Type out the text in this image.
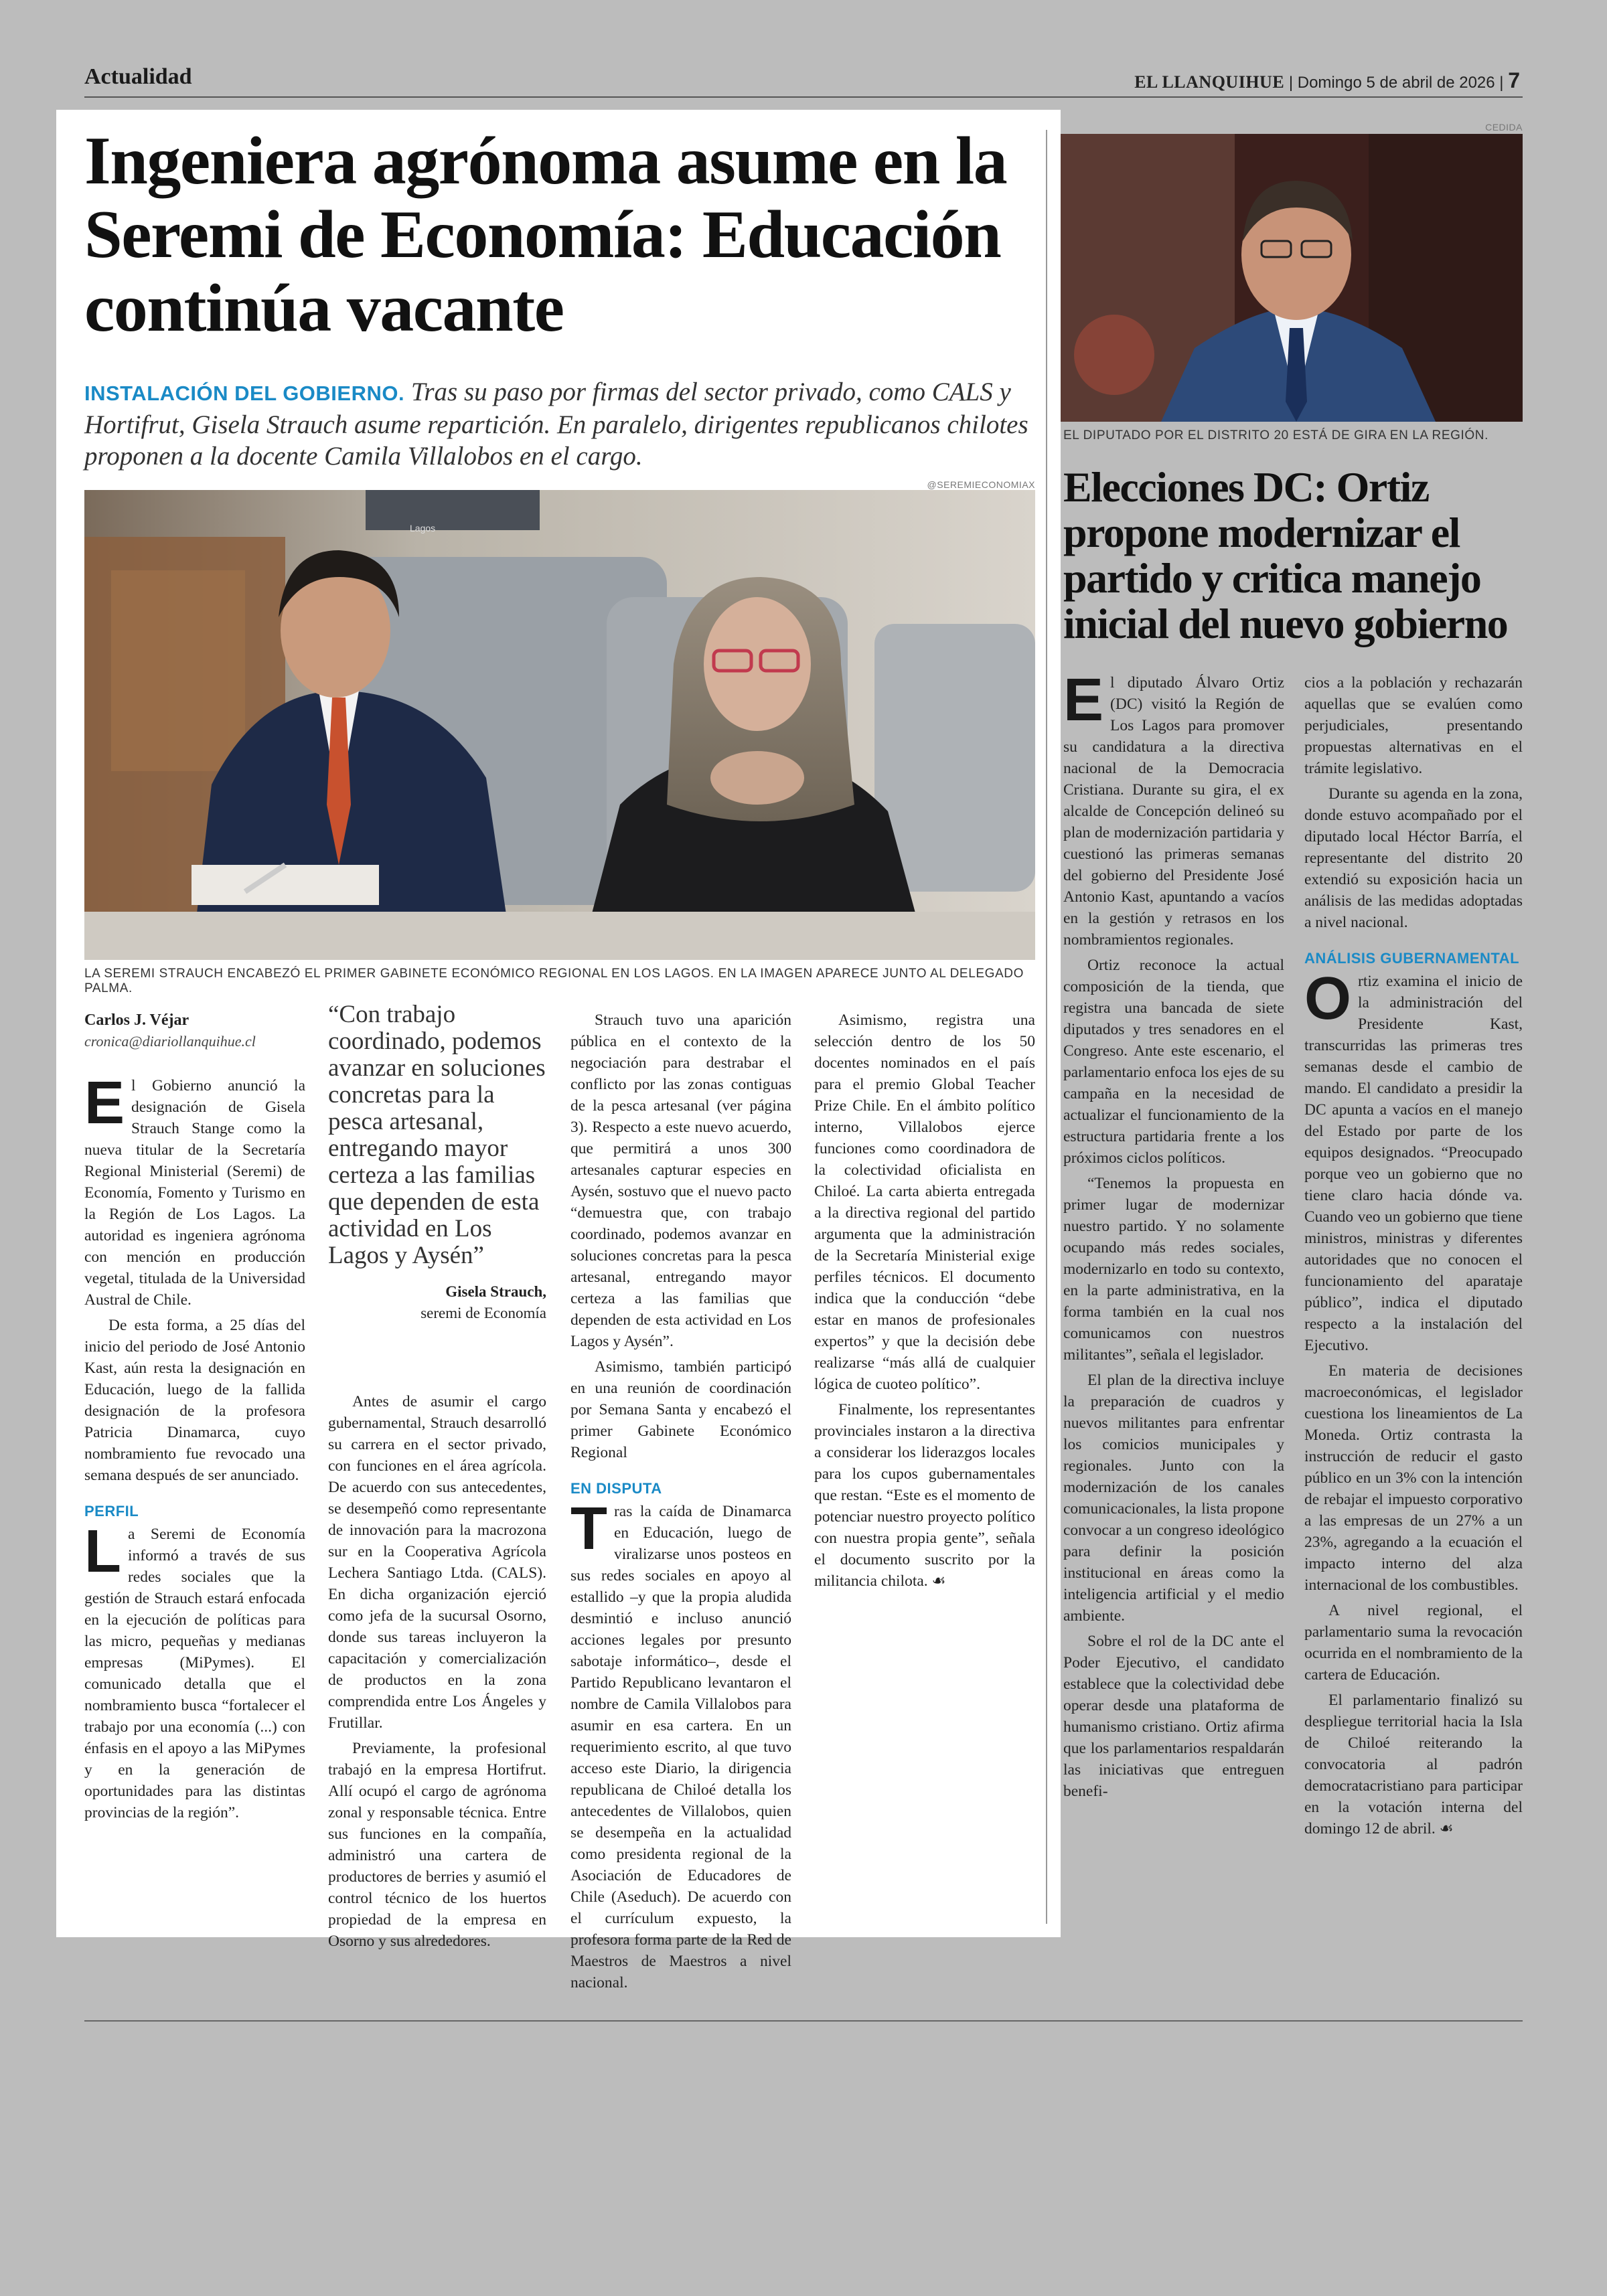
Actualidad	EL LLANQUIHUE | Domingo 5 de abril de 2026 | 7
Ingeniera agrónoma asume en la Seremi de Economía: Educación continúa vacante
INSTALACIÓN DEL GOBIERNO. Tras su paso por firmas del sector privado, como CALS y Hortifrut, Gisela Strauch asume repartición. En paralelo, dirigentes republicanos chilotes proponen a la docente Camila Villalobos en el cargo.
@SEREMIECONOMIAX
Lagos
LA SEREMI STRAUCH ENCABEZÓ EL PRIMER GABINETE ECONÓMICO REGIONAL EN LOS LAGOS. EN LA IMAGEN APARECE JUNTO AL DELEGADO PALMA.
Carlos J. Véjar
cronica@diariollanquihue.cl

El Gobierno anunció la designación de Gisela Strauch Stange como la nueva titular de la Secretaría Regional Ministerial (Seremi) de Economía, Fomento y Turismo en la Región de Los Lagos. La autoridad es ingeniera agrónoma con mención en producción vegetal, titulada de la Universidad Austral de Chile.

De esta forma, a 25 días del inicio del periodo de José Antonio Kast, aún resta la designación en Educación, luego de la fallida designación de la profesora Patricia Dinamarca, cuyo nombramiento fue revocado una semana después de ser anunciado.

PERFIL

La Seremi de Economía informó a través de sus redes sociales que la gestión de Strauch estará enfocada en la ejecución de políticas para las micro, pequeñas y medianas empresas (MiPymes). El comunicado detalla que el nombramiento busca “fortalecer el trabajo por una economía (...) con énfasis en el apoyo a las MiPymes y en la generación de oportunidades para las distintas provincias de la región”.

“Con trabajo coordinado, podemos avanzar en soluciones concretas para la pesca artesanal, entregando mayor certeza a las familias que dependen de esta actividad en Los Lagos y Aysén”
Gisela Strauch,
seremi de Economía

Antes de asumir el cargo gubernamental, Strauch desarrolló su carrera en el sector privado, con funciones en el área agrícola. De acuerdo con sus antecedentes, se desempeñó como representante de innovación para la macrozona sur en la Cooperativa Agrícola Lechera Santiago Ltda. (CALS). En dicha organización ejerció como jefa de la sucursal Osorno, donde sus tareas incluyeron la capacitación y comercialización de productos en la zona comprendida entre Los Ángeles y Frutillar.

Previamente, la profesional trabajó en la empresa Hortifrut. Allí ocupó el cargo de agrónoma zonal y responsable técnica. Entre sus funciones en la compañía, administró una cartera de productores de berries y asumió el control técnico de los huertos propiedad de la empresa en Osorno y sus alrededores.

Strauch tuvo una aparición pública en el contexto de la negociación para destrabar el conflicto por las zonas contiguas de la pesca artesanal (ver página 3). Respecto a este nuevo acuerdo, que permitirá a unos 300 artesanales capturar especies en Aysén, sostuvo que el nuevo pacto “demuestra que, con trabajo coordinado, podemos avanzar en soluciones concretas para la pesca artesanal, entregando mayor certeza a las familias que dependen de esta actividad en Los Lagos y Aysén”.

Asimismo, también participó en una reunión de coordinación por Semana Santa y encabezó el primer Gabinete Económico Regional

EN DISPUTA

Tras la caída de Dinamarca en Educación, luego de viralizarse unos posteos en sus redes sociales en apoyo al estallido –y que la propia aludida desmintió e incluso anunció acciones legales por presunto sabotaje informático–, desde el Partido Republicano levantaron el nombre de Camila Villalobos para asumir en esa cartera. En un requerimiento escrito, al que tuvo acceso este Diario, la dirigencia republicana de Chiloé detalla los antecedentes de Villalobos, quien se desempeña en la actualidad como presidenta regional de la Asociación de Educadores de Chile (Aseduch). De acuerdo con el currículum expuesto, la profesora forma parte de la Red de Maestros de Maestros a nivel nacional.

Asimismo, registra una selección dentro de los 50 docentes nominados en el país para el premio Global Teacher Prize Chile. En el ámbito político interno, Villalobos ejerce funciones como coordinadora de la colectividad oficialista en Chiloé. La carta abierta entregada a la directiva regional del partido argumenta que la administración de la Secretaría Ministerial exige perfiles técnicos. El documento indica que la conducción “debe estar en manos de profesionales expertos” y que la decisión debe realizarse “más allá de cualquier lógica de cuoteo político”.

Finalmente, los representantes provinciales instaron a la directiva a considerar los liderazgos locales para los cupos gubernamentales que restan. “Este es el momento de potenciar nuestro proyecto político con nuestra propia gente”, señala el documento suscrito por la militancia chilota. ☙

CEDIDA
EL DIPUTADO POR EL DISTRITO 20 ESTÁ DE GIRA EN LA REGIÓN.
Elecciones DC: Ortiz propone modernizar el partido y critica manejo inicial del nuevo gobierno

El diputado Álvaro Ortiz (DC) visitó la Región de Los Lagos para promover su candidatura a la directiva nacional de la Democracia Cristiana. Durante su gira, el ex alcalde de Concepción delineó su plan de modernización partidaria y cuestionó las primeras semanas del gobierno del Presidente José Antonio Kast, apuntando a vacíos en la gestión y retrasos en los nombramientos regionales.

Ortiz reconoce la actual composición de la tienda, que registra una bancada de siete diputados y tres senadores en el Congreso. Ante este escenario, el parlamentario enfoca los ejes de su campaña en la necesidad de actualizar el funcionamiento de la estructura partidaria frente a los próximos ciclos políticos.

“Tenemos la propuesta en primer lugar de modernizar nuestro partido. Y no solamente ocupando más redes sociales, modernizarlo en todo su contexto, en la parte administrativa, en la forma también en la cual nos comunicamos con nuestros militantes”, señala el legislador.

El plan de la directiva incluye la preparación de cuadros y nuevos militantes para enfrentar los comicios municipales y regionales. Junto con la modernización de los canales comunicacionales, la lista propone convocar a un congreso ideológico para definir la posición institucional en áreas como la inteligencia artificial y el medio ambiente.

Sobre el rol de la DC ante el Poder Ejecutivo, el candidato establece que la colectividad debe operar desde una plataforma de humanismo cristiano. Ortiz afirma que los parlamentarios respaldarán las iniciativas que entreguen benefi-

cios a la población y rechazarán aquellas que se evalúen como perjudiciales, presentando propuestas alternativas en el trámite legislativo.

Durante su agenda en la zona, donde estuvo acompañado por el diputado local Héctor Barría, el representante del distrito 20 extendió su exposición hacia un análisis de las medidas adoptadas a nivel nacional.

ANÁLISIS GUBERNAMENTAL

Ortiz examina el inicio de la administración del Presidente Kast, transcurridas las primeras tres semanas desde el cambio de mando. El candidato a presidir la DC apunta a vacíos en el manejo del Estado por parte de los equipos designados. “Preocupado porque veo un gobierno que no tiene claro hacia dónde va. Cuando veo un gobierno que tiene ministros, ministras y diferentes autoridades que no conocen el funcionamiento del aparataje público”, indica el diputado respecto a la instalación del Ejecutivo.

En materia de decisiones macroeconómicas, el legislador cuestiona los lineamientos de La Moneda. Ortiz contrasta la instrucción de reducir el gasto público en un 3% con la intención de rebajar el impuesto corporativo a las empresas de un 27% a un 23%, agregando a la ecuación el impacto interno del alza internacional de los combustibles.

A nivel regional, el parlamentario suma la revocación ocurrida en el nombramiento de la cartera de Educación.

El parlamentario finalizó su despliegue territorial hacia la Isla de Chiloé reiterando la convocatoria al padrón democratacristiano para participar en la votación interna del domingo 12 de abril. ☙
